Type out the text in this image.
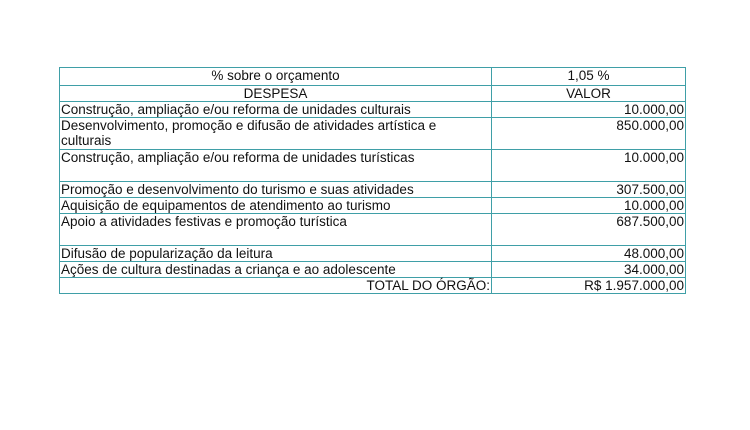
% sobre o orçamento	1,05 %
DESPESA	VALOR
Construção, ampliação e/ou reforma de unidades culturais	10.000,00
Desenvolvimento, promoção e difusão de atividades artística e culturais	850.000,00
Construção, ampliação e/ou reforma de unidades turísticas	10.000,00
Promoção e desenvolvimento do turismo e suas atividades	307.500,00
Aquisição de equipamentos de atendimento ao turismo	10.000,00
Apoio a atividades festivas e promoção turística	687.500,00
Difusão de popularização da leitura	48.000,00
Ações de cultura destinadas a criança e ao adolescente	34.000,00
TOTAL DO ÓRGÃO:	R$ 1.957.000,00
